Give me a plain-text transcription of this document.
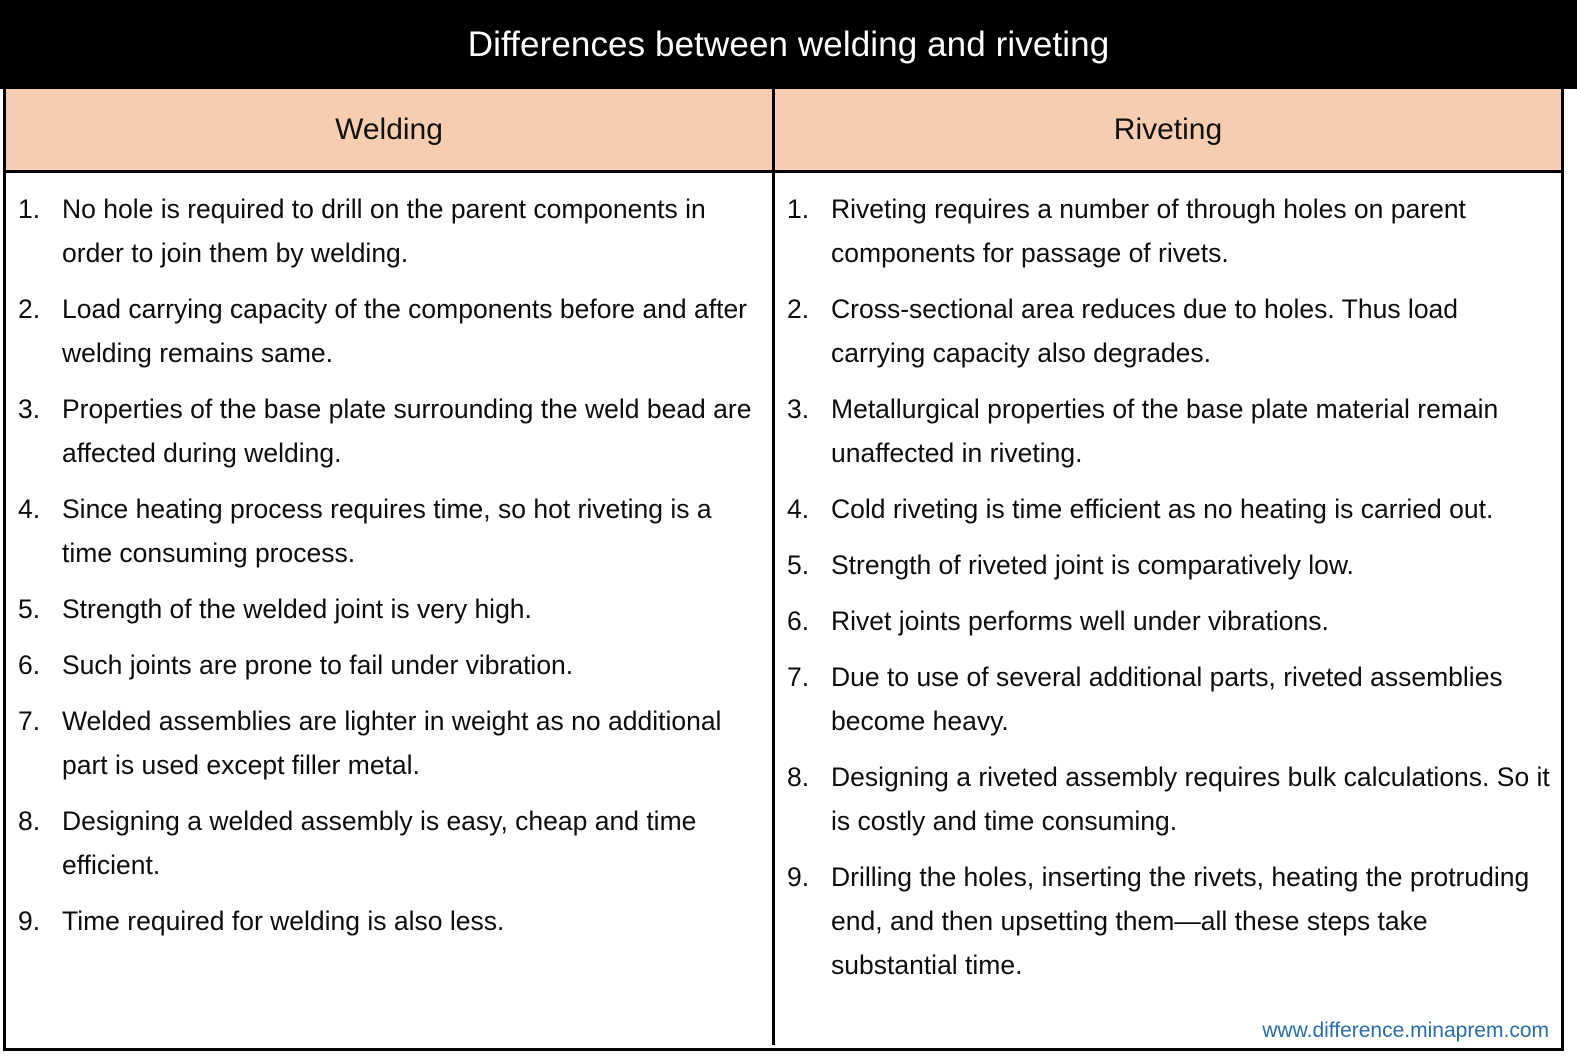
Differences between welding and riveting
Welding	Riveting
1. No hole is required to drill on the parent components in order to join them by welding.
2. Load carrying capacity of the components before and after welding remains same.
3. Properties of the base plate surrounding the weld bead are affected during welding.
4. Since heating process requires time, so hot riveting is a time consuming process.
5. Strength of the welded joint is very high.
6. Such joints are prone to fail under vibration.
7. Welded assemblies are lighter in weight as no additional part is used except filler metal.
8. Designing a welded assembly is easy, cheap and time efficient.
9. Time required for welding is also less.
1. Riveting requires a number of through holes on parent components for passage of rivets.
2. Cross-sectional area reduces due to holes. Thus load carrying capacity also degrades.
3. Metallurgical properties of the base plate material remain unaffected in riveting.
4. Cold riveting is time efficient as no heating is carried out.
5. Strength of riveted joint is comparatively low.
6. Rivet joints performs well under vibrations.
7. Due to use of several additional parts, riveted assemblies become heavy.
8. Designing a riveted assembly requires bulk calculations. So it is costly and time consuming.
9. Drilling the holes, inserting the rivets, heating the protruding end, and then upsetting them—all these steps take substantial time.
www.difference.minaprem.com
